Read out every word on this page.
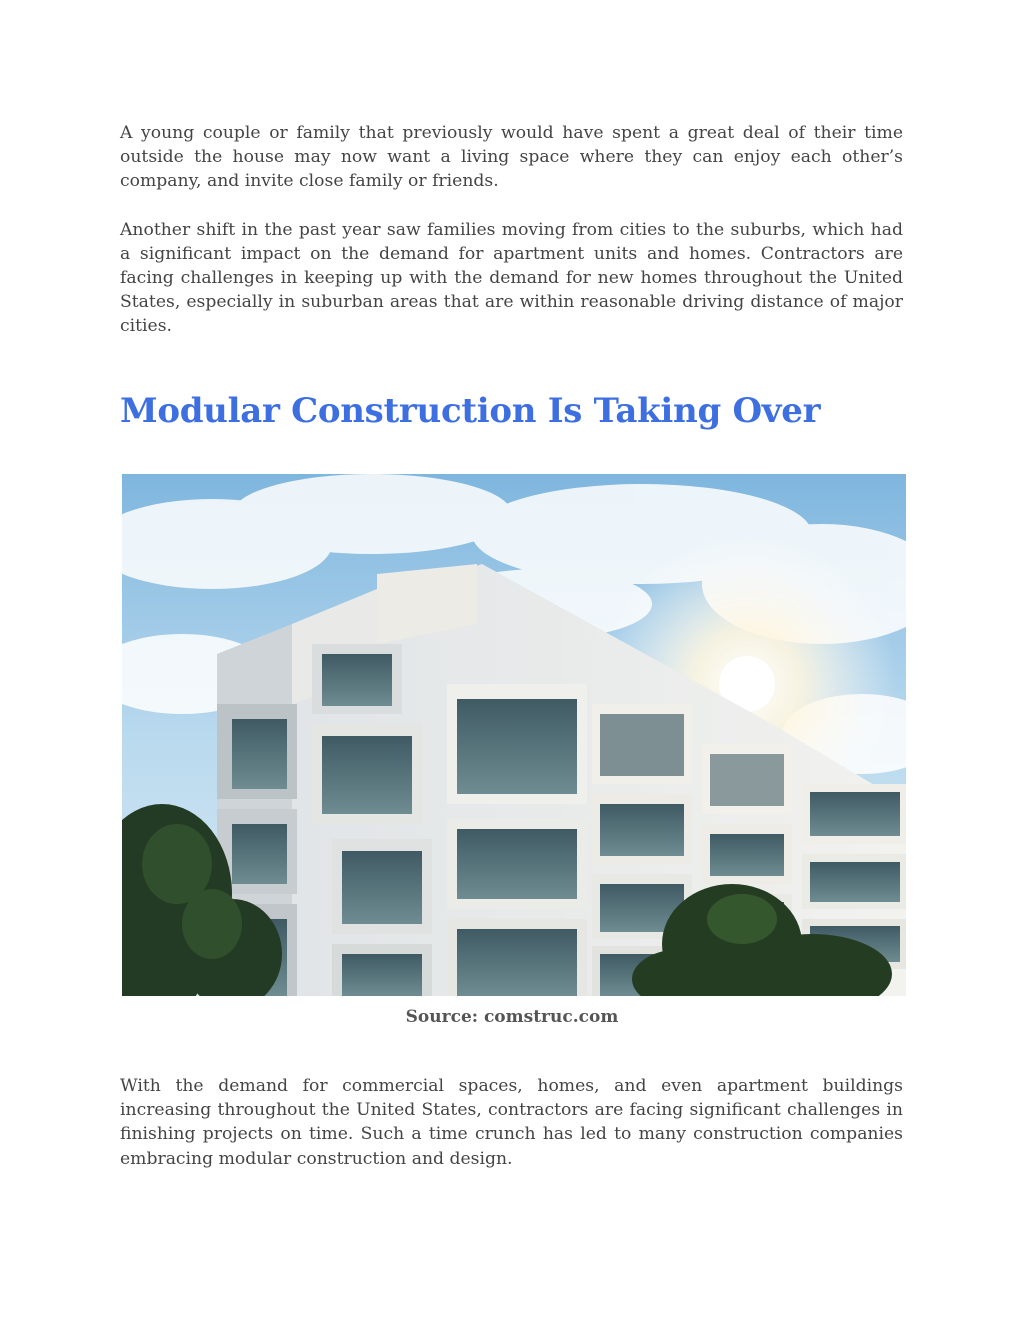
A young couple or family that previously would have spent a great deal of their time outside the house may now want a living space where they can enjoy each other’s company, and invite close family or friends.

Another shift in the past year saw families moving from cities to the suburbs, which had a significant impact on the demand for apartment units and homes. Contractors are facing challenges in keeping up with the demand for new homes throughout the United States, especially in suburban areas that are within reasonable driving distance of major cities.

Modular Construction Is Taking Over
Source: comstruc.com

With the demand for commercial spaces, homes, and even apartment buildings increasing throughout the United States, contractors are facing significant challenges in finishing projects on time. Such a time crunch has led to many construction companies embracing modular construction and design.
